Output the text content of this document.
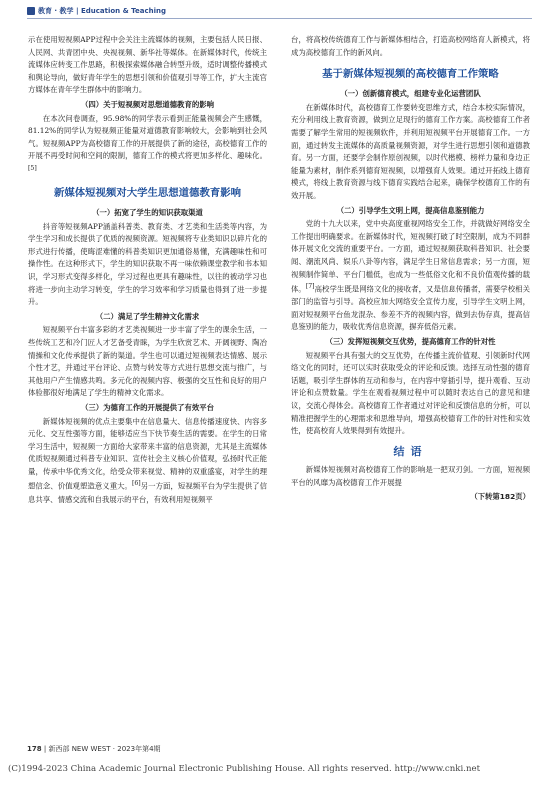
教育 · 教学 | Education & Teaching

示在使用短视频APP过程中会关注主流媒体的视频，主要包括人民日报、人民网、共青团中央、央视视频、新华社等媒体。在新媒体时代，传统主流媒体应转变工作思路，积极探索媒体融合转型升级，适时调整传播模式和舆论导向，做好青年学生的思想引领和价值观引导等工作，扩大主流官方媒体在青年学生群体中的影响力。

（四）关于短视频对思想道德教育的影响

在本次问卷调查，95.98%的同学表示看到正能量视频会产生感慨，81.12%的同学认为短视频正能量对道德教育影响较大，会影响到社会风气。短视频APP为高校德育工作的开展提供了新的途径，高校德育工作的开展不再受时间和空间的限制，德育工作的模式将更加多样化、趣味化。[5]

新媒体短视频对大学生思想道德教育影响
（一）拓宽了学生的知识获取渠道

抖音等短视频APP涵盖科普类、教育类、才艺类和生活类等内容，为学生学习和成长提供了优质的视频资源。短视频将专业类知识以碎片化的形式进行传播，使晦涩难懂的科普类知识更加通俗易懂，充满趣味性和可操作性。在这种形式下，学生的知识获取不再一味依赖课堂教学和书本知识，学习形式变得多样化，学习过程也更具有趣味性，以往的被动学习也将进一步向主动学习转变，学生的学习效率和学习质量也得到了进一步提升。

（二）满足了学生精神文化需求

短视频平台丰富多彩的才艺类视频进一步丰富了学生的课余生活，一些传统工艺和冷门匠人才艺备受青睐，为学生欣赏艺术、开阔视野、陶冶情操和文化传承提供了新的渠道。学生也可以通过短视频表达情感、展示个性才艺，并通过平台评论、点赞与转发等方式进行思想交流与推广，与其他用户产生情感共鸣。多元化的视频内容、极强的交互性和良好的用户体验都很好地满足了学生的精神文化需求。

（三）为德育工作的开展提供了有效平台

新媒体短视频的优点主要集中在信息量大、信息传播速度快、内容多元化、交互性强等方面，能够适应当下快节奏生活的需要。在学生的日常学习生活中，短视频一方面给大家带来丰富的信息资源，尤其是主流媒体优质短视频通过科普专业知识、宣传社会主义核心价值观，弘扬时代正能量，传承中华优秀文化，给受众带来视觉、精神的双重盛宴，对学生的理想信念、价值观塑造意义重大。[6]另一方面，短视频平台为学生提供了信息共享、情感交流和自我展示的平台，有效利用短视频平

台，将高校传统德育工作与新媒体相结合，打造高校网络育人新模式，将成为高校德育工作的新风向。

基于新媒体短视频的高校德育工作策略
（一）创新德育模式，组建专业化运营团队

在新媒体时代，高校德育工作要转变思维方式，结合本校实际情况，充分利用线上教育资源，做到立足现行的德育工作方案。高校德育工作者需要了解学生常用的短视频软件，并利用短视频平台开展德育工作。一方面，通过转发主流媒体的高质量视频资源，对学生进行思想引领和道德教育。另一方面，还要学会制作原创视频，以时代楷模、榜样力量和身边正能量为素材，制作系列德育短视频，以增强育人效果。通过开拓线上德育模式，将线上教育资源与线下德育实践结合起来，确保学校德育工作的有效开展。

（二）引导学生文明上网，提高信息鉴别能力

党的十九大以来，党中央高度重视网络安全工作，并就做好网络安全工作提出明确要求。在新媒体时代，短视频打破了时空限制，成为不同群体开展文化交流的重要平台。一方面，通过短视频获取科普知识、社会要闻、潮流风尚、娱乐八卦等内容，满足学生日常信息需求；另一方面，短视频制作简单、平台门槛低，也成为一些低俗文化和不良价值观传播的载体。[7]高校学生既是网络文化的接收者，又是信息传播者，需要学校相关部门的监管与引导。高校应加大网络安全宣传力度，引导学生文明上网，面对短视频平台鱼龙混杂、参差不齐的视频内容，做到去伪存真，提高信息鉴别的能力，吸收优秀信息资源，摒弃低俗元素。

（三）发挥短视频交互优势，提高德育工作的针对性

短视频平台具有强大的交互优势，在传播主流价值观、引领新时代网络文化的同时，还可以实时获取受众的评论和反馈。选择互动性强的德育话题，吸引学生群体的互动和参与，在内容中穿插引导，提升观看、互动评论和点赞数量。学生在观看视频过程中可以随时表达自己的意见和建议，交流心得体会。高校德育工作者通过对评论和反馈信息的分析，可以精准把握学生的心理需求和思维导向，增强高校德育工作的针对性和实效性，使高校育人效果得到有效提升。

结语

新媒体短视频对高校德育工作的影响是一把双刃剑。一方面，短视频平台的风靡为高校德育工作开展提

（下转第182页）
178 | 新西部 NEW WEST · 2023年第4期
(C)1994-2023 China Academic Journal Electronic Publishing House. All rights reserved. http://www.cnki.net
